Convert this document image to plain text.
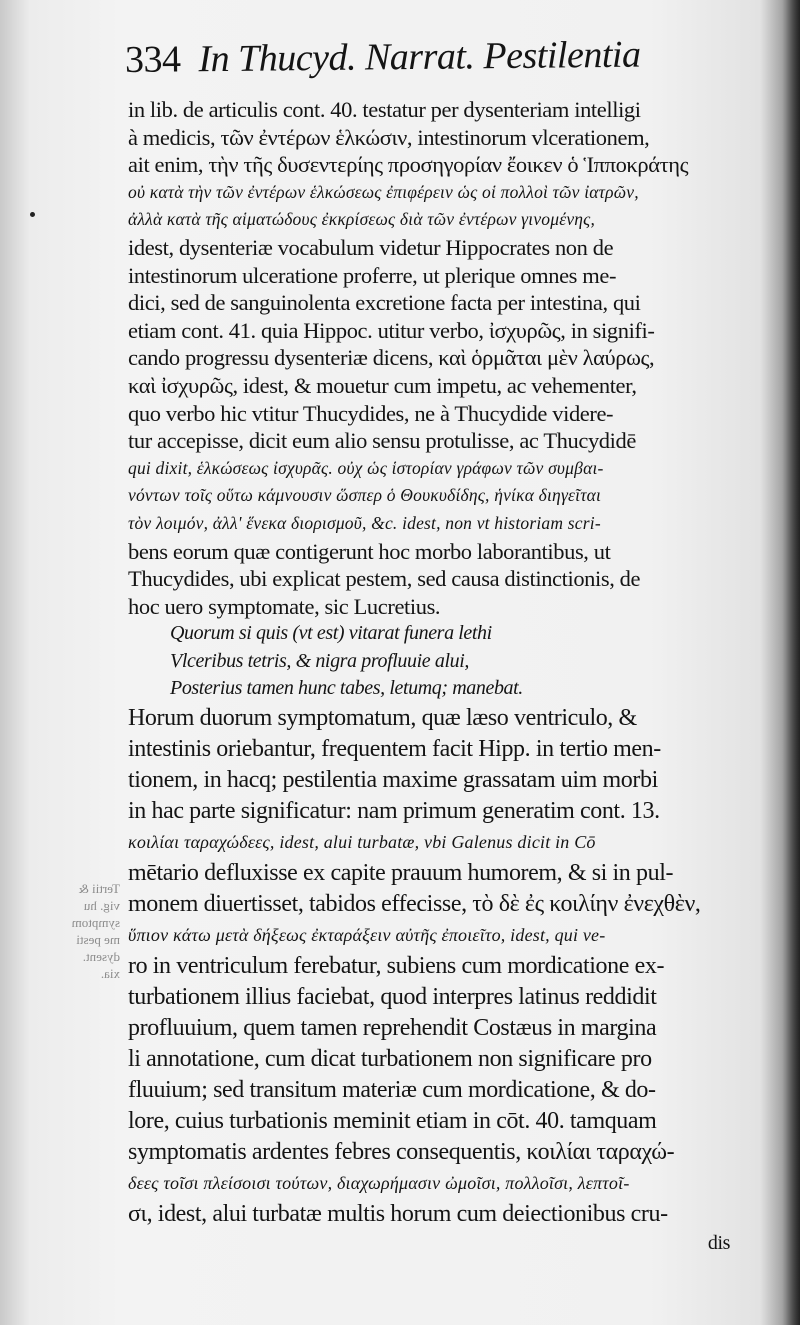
334 In Thucyd. Narrat. Pestilentia
Tertii &
vig. hu
symptom
me pesti
dysent.
xia.
in lib. de articulis cont. 40. testatur per dysenteriam intelligi
à medicis, τῶν ἐντέρων ἑλκώσιν, intestinorum vlcerationem,
ait enim, τὴν τῆς δυσεντερίης προσηγορίαν ἔοικεν ὁ Ἱπποκράτης
οὐ κατὰ τὴν τῶν ἐντέρων ἑλκώσεως ἐπιφέρειν ὡς οἱ πολλοὶ τῶν ἰατρῶν,
ἀλλὰ κατὰ τῆς αἱματώδους ἐκκρίσεως διὰ τῶν ἐντέρων γινομένης,
idest, dysenteriæ vocabulum videtur Hippocrates non de
intestinorum ulceratione proferre, ut plerique omnes me-
dici, sed de sanguinolenta excretione facta per intestina, qui
etiam cont. 41. quia Hippoc. utitur verbo, ἰσχυρῶς, in signifi-
cando progressu dysenteriæ dicens, καὶ ὁρμᾶται μὲν λαύρως,
καὶ ἰσχυρῶς, idest, & mouetur cum impetu, ac vehementer,
quo verbo hic vtitur Thucydides, ne à Thucydide videre-
tur accepisse, dicit eum alio sensu protulisse, ac Thucydidē
qui dixit, ἑλκώσεως ἰσχυρᾶς. οὐχ ὡς ἱστορίαν γράφων τῶν συμβαι-
νόντων τοῖς οὕτω κάμνουσιν ὥσπερ ὁ Θουκυδίδης, ἡνίκα διηγεῖται
τὸν λοιμόν, ἀλλ' ἕνεκα διορισμοῦ, &c. idest, non vt historiam scri-
bens eorum quæ contigerunt hoc morbo laborantibus, ut
Thucydides, ubi explicat pestem, sed causa distinctionis, de
hoc uero symptomate, sic Lucretius.
Quorum si quis (vt est) vitarat funera lethi
Vlceribus tetris, & nigra profluuie alui,
Posterius tamen hunc tabes, letumq; manebat.
Horum duorum symptomatum, quæ læso ventriculo, &
intestinis oriebantur, frequentem facit Hipp. in tertio men-
tionem, in hacq; pestilentia maxime grassatam uim morbi
in hac parte significatur: nam primum generatim cont. 13.
κοιλίαι ταραχώδεες, idest, alui turbatæ, vbi Galenus dicit in Cō
mētario defluxisse ex capite prauum humorem, & si in pul-
monem diuertisset, tabidos effecisse, τὸ δὲ ἐς κοιλίην ἐνεχθὲν,
ὕπιον κάτω μετὰ δήξεως ἐκταράξειν αὐτῆς ἐποιεῖτο, idest, qui ve-
ro in ventriculum ferebatur, subiens cum mordicatione ex-
turbationem illius faciebat, quod interpres latinus reddidit
profluuium, quem tamen reprehendit Costæus in margina
li annotatione, cum dicat turbationem non significare pro
fluuium; sed transitum materiæ cum mordicatione, & do-
lore, cuius turbationis meminit etiam in cōt. 40. tamquam
symptomatis ardentes febres consequentis, κοιλίαι ταραχώ-
δεες τοῖσι πλείσοισι τούτων, διαχωρήμασιν ὠμοῖσι, πολλοῖσι, λεπτοῖ-
σι, idest, alui turbatæ multis horum cum deiectionibus cru-
dis
